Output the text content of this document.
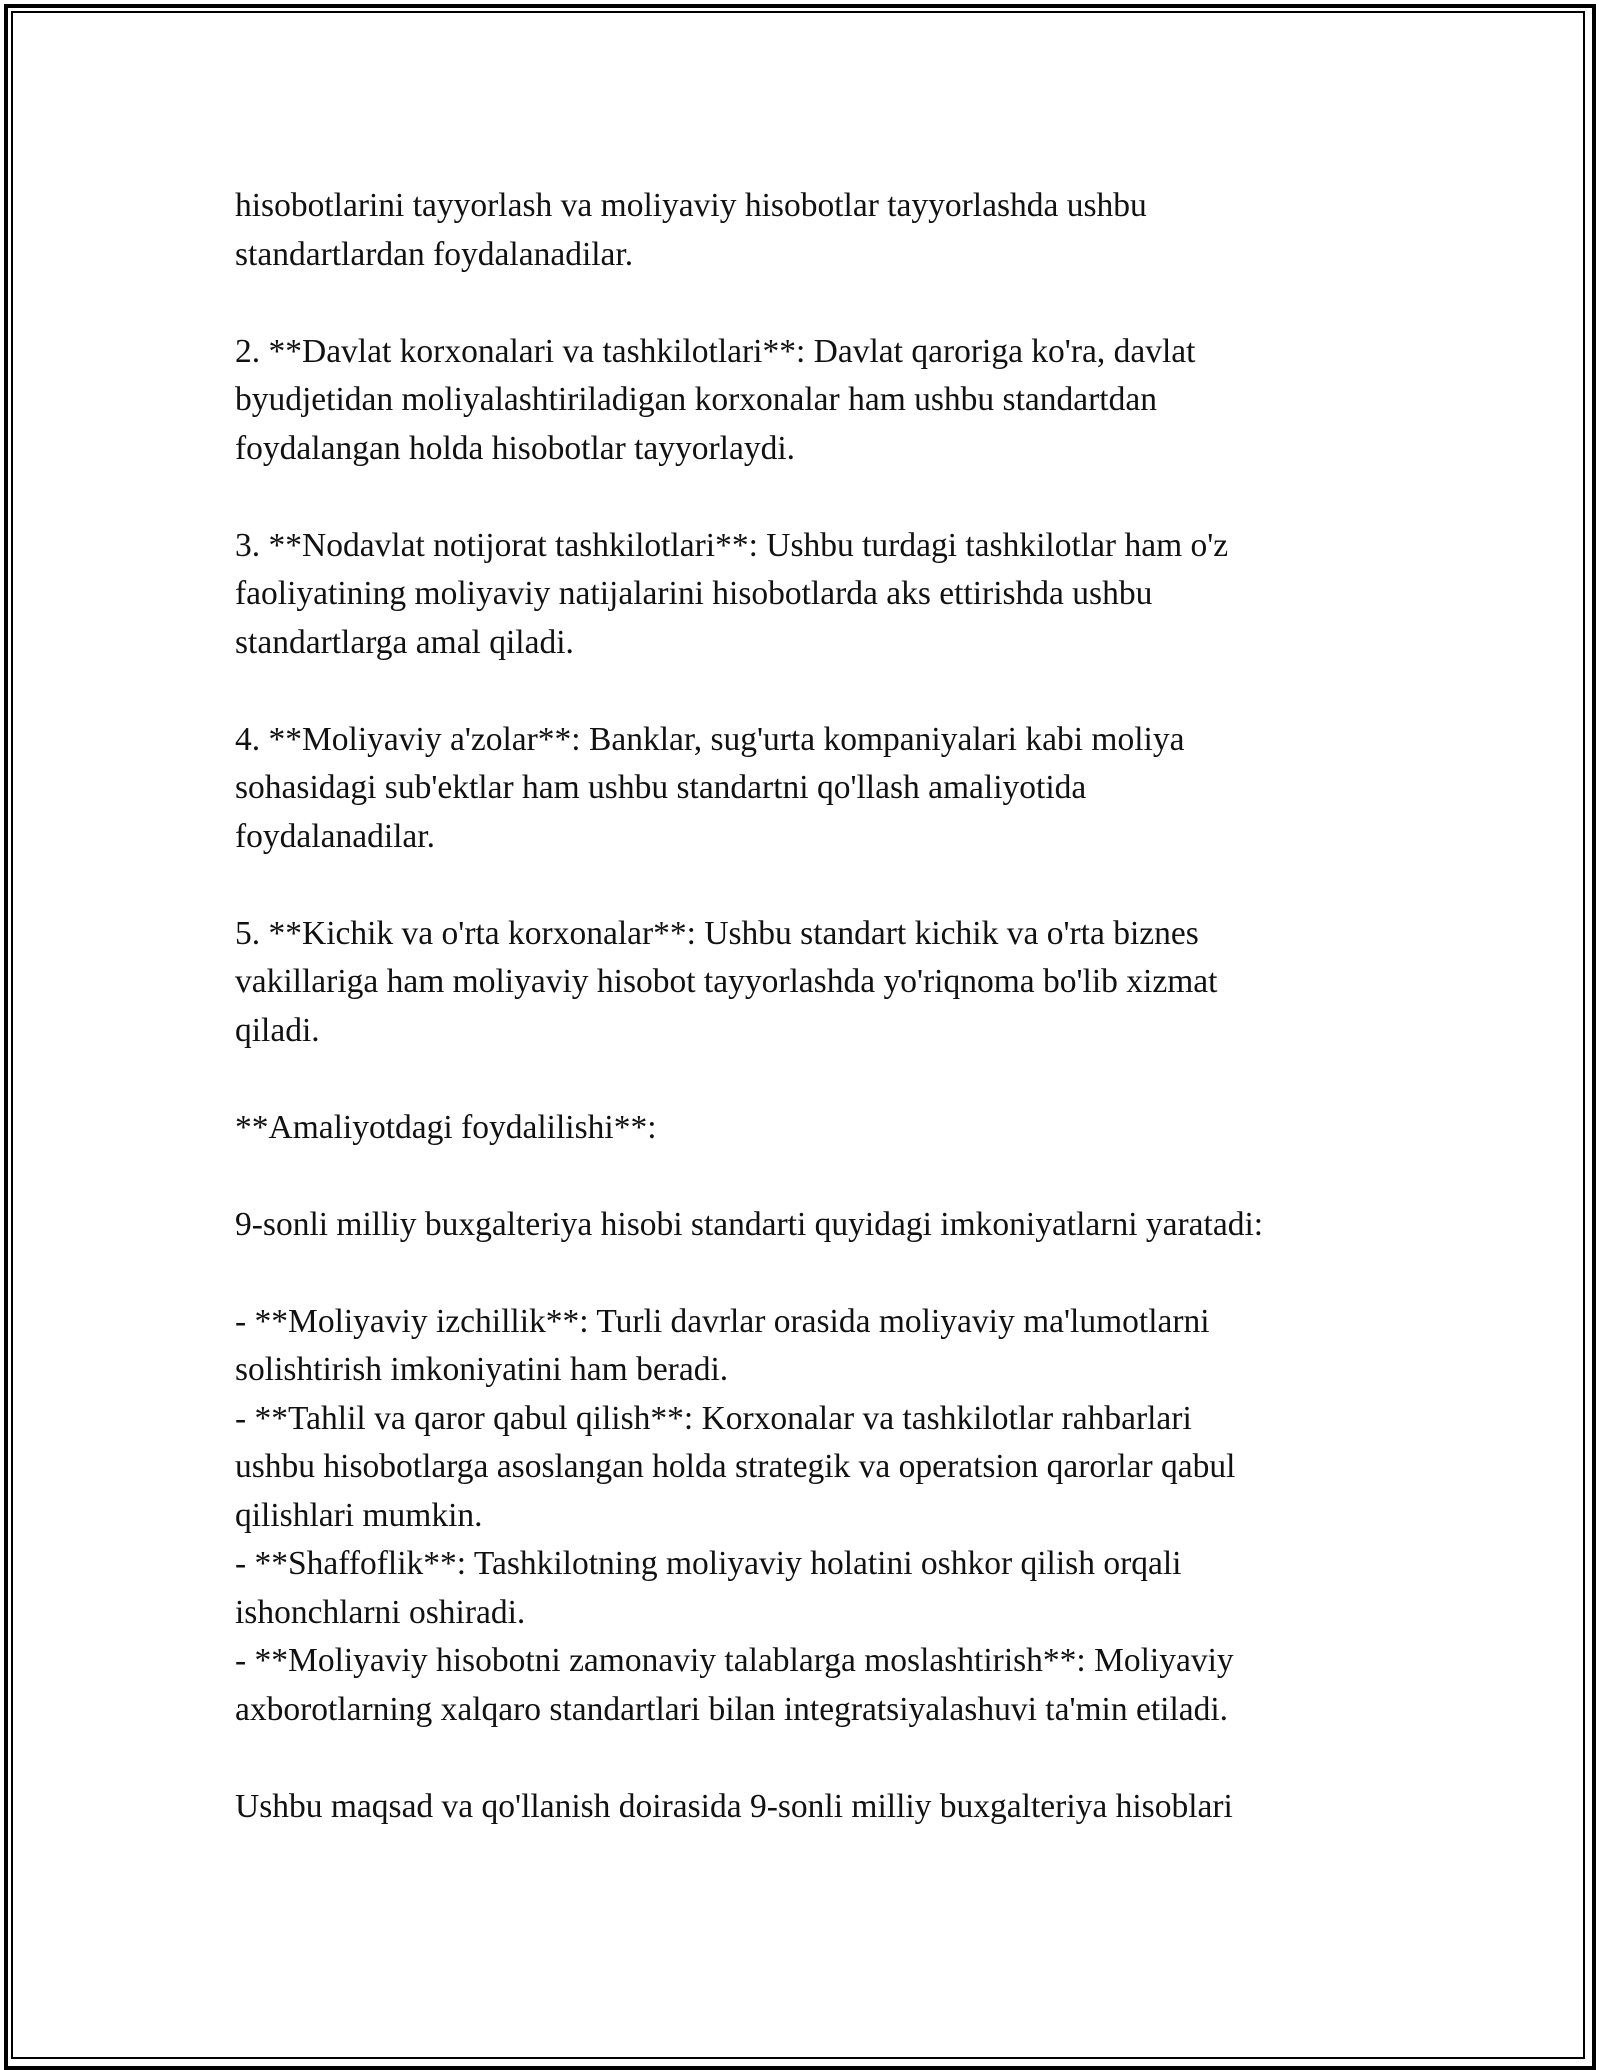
hisobotlarini tayyorlash va moliyaviy hisobotlar tayyorlashda ushbu
standartlardan foydalanadilar.

2. **Davlat korxonalari va tashkilotlari**: Davlat qaroriga ko'ra, davlat
byudjetidan moliyalashtiriladigan korxonalar ham ushbu standartdan
foydalangan holda hisobotlar tayyorlaydi.

3. **Nodavlat notijorat tashkilotlari**: Ushbu turdagi tashkilotlar ham o'z
faoliyatining moliyaviy natijalarini hisobotlarda aks ettirishda ushbu
standartlarga amal qiladi.

4. **Moliyaviy a'zolar**: Banklar, sug'urta kompaniyalari kabi moliya
sohasidagi sub'ektlar ham ushbu standartni qo'llash amaliyotida
foydalanadilar.

5. **Kichik va o'rta korxonalar**: Ushbu standart kichik va o'rta biznes
vakillariga ham moliyaviy hisobot tayyorlashda yo'riqnoma bo'lib xizmat
qiladi.

**Amaliyotdagi foydalilishi**:

9-sonli milliy buxgalteriya hisobi standarti quyidagi imkoniyatlarni yaratadi:

- **Moliyaviy izchillik**: Turli davrlar orasida moliyaviy ma'lumotlarni
solishtirish imkoniyatini ham beradi.

- **Tahlil va qaror qabul qilish**: Korxonalar va tashkilotlar rahbarlari
ushbu hisobotlarga asoslangan holda strategik va operatsion qarorlar qabul
qilishlari mumkin.

- **Shaffoflik**: Tashkilotning moliyaviy holatini oshkor qilish orqali
ishonchlarni oshiradi.

- **Moliyaviy hisobotni zamonaviy talablarga moslashtirish**: Moliyaviy
axborotlarning xalqaro standartlari bilan integratsiyalashuvi ta'min etiladi.

Ushbu maqsad va qo'llanish doirasida 9-sonli milliy buxgalteriya hisoblari
